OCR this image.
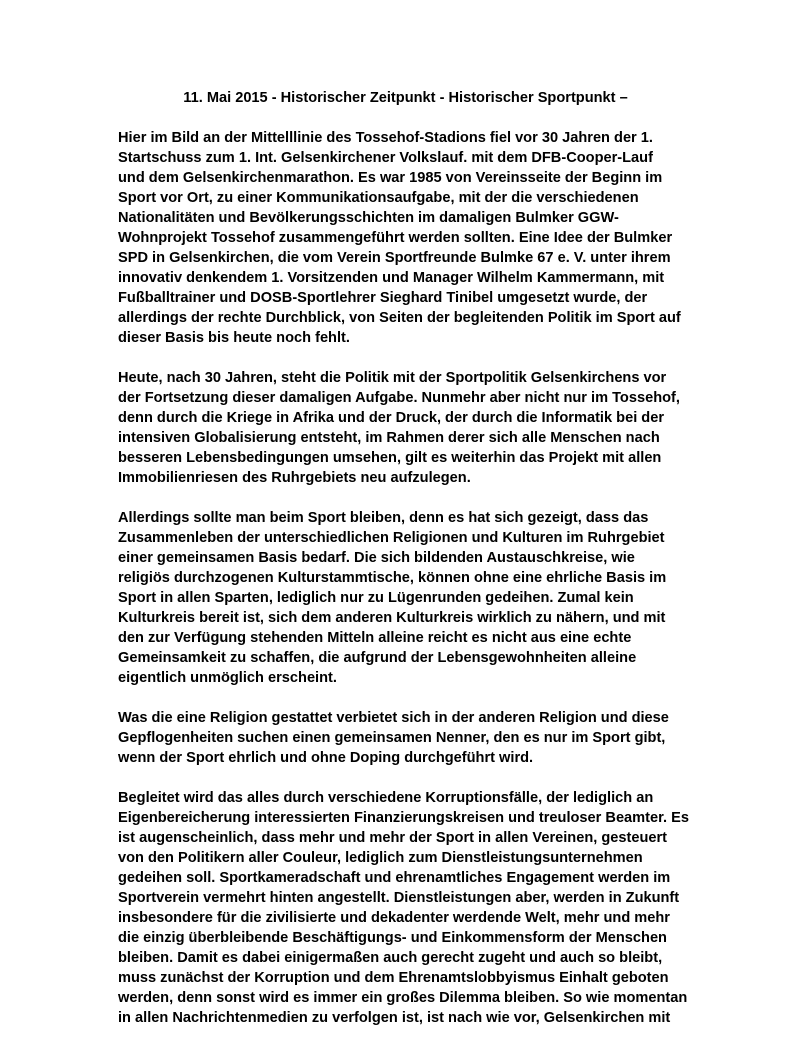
11. Mai 2015 - Historischer Zeitpunkt - Historischer Sportpunkt –
Hier im Bild an der Mittelllinie des Tossehof-Stadions fiel vor 30 Jahren der 1.
Startschuss zum 1. Int. Gelsenkirchener Volkslauf. mit dem DFB-Cooper-Lauf
und dem Gelsenkirchenmarathon. Es war 1985 von Vereinsseite der Beginn im
Sport vor Ort, zu einer Kommunikationsaufgabe, mit der die verschiedenen
Nationalitäten und Bevölkerungsschichten im damaligen Bulmker GGW-
Wohnprojekt Tossehof zusammengeführt werden sollten. Eine Idee der Bulmker
SPD in Gelsenkirchen, die vom Verein Sportfreunde Bulmke 67 e. V. unter ihrem
innovativ denkendem 1. Vorsitzenden und Manager Wilhelm Kammermann, mit
Fußballtrainer und DOSB-Sportlehrer Sieghard Tinibel umgesetzt wurde, der
allerdings der rechte Durchblick, von Seiten der begleitenden Politik im Sport auf
dieser Basis bis heute noch fehlt.
Heute, nach 30 Jahren, steht die Politik mit der Sportpolitik Gelsenkirchens vor
der Fortsetzung dieser damaligen Aufgabe. Nunmehr aber nicht nur im Tossehof,
denn durch die Kriege in Afrika und der Druck, der durch die Informatik bei der
intensiven Globalisierung entsteht, im Rahmen derer sich alle Menschen nach
besseren Lebensbedingungen umsehen, gilt es weiterhin das Projekt mit allen
Immobilienriesen des Ruhrgebiets neu aufzulegen.
Allerdings sollte man beim Sport bleiben, denn es hat sich gezeigt, dass das
Zusammenleben der unterschiedlichen Religionen und Kulturen im Ruhrgebiet
einer gemeinsamen Basis bedarf. Die sich bildenden Austauschkreise, wie
religiös durchzogenen Kulturstammtische, können ohne eine ehrliche Basis im
Sport in allen Sparten, lediglich nur zu Lügenrunden gedeihen. Zumal kein
Kulturkreis bereit ist, sich dem anderen Kulturkreis wirklich zu nähern, und mit
den zur Verfügung stehenden Mitteln alleine reicht es nicht aus eine echte
Gemeinsamkeit zu schaffen, die aufgrund der Lebensgewohnheiten alleine
eigentlich unmöglich erscheint.
Was die eine Religion gestattet verbietet sich in der anderen Religion und diese
Gepflogenheiten suchen einen gemeinsamen Nenner, den es nur im Sport gibt,
wenn der Sport ehrlich und ohne Doping durchgeführt wird.
Begleitet wird das alles durch verschiedene Korruptionsfälle, der lediglich an
Eigenbereicherung interessierten Finanzierungskreisen und treuloser Beamter. Es
ist augenscheinlich, dass mehr und mehr der Sport in allen Vereinen, gesteuert
von den Politikern aller Couleur, lediglich zum Dienstleistungsunternehmen
gedeihen soll. Sportkameradschaft und ehrenamtliches Engagement werden im
Sportverein vermehrt hinten angestellt. Dienstleistungen aber, werden in Zukunft
insbesondere für die zivilisierte und dekadenter werdende Welt, mehr und mehr
die einzig überbleibende Beschäftigungs- und Einkommensform der Menschen
bleiben. Damit es dabei einigermaßen auch gerecht zugeht und auch so bleibt,
muss zunächst der Korruption und dem Ehrenamtslobbyismus Einhalt geboten
werden, denn sonst wird es immer ein großes Dilemma bleiben. So wie momentan
in allen Nachrichtenmedien zu verfolgen ist, ist nach wie vor, Gelsenkirchen mit
